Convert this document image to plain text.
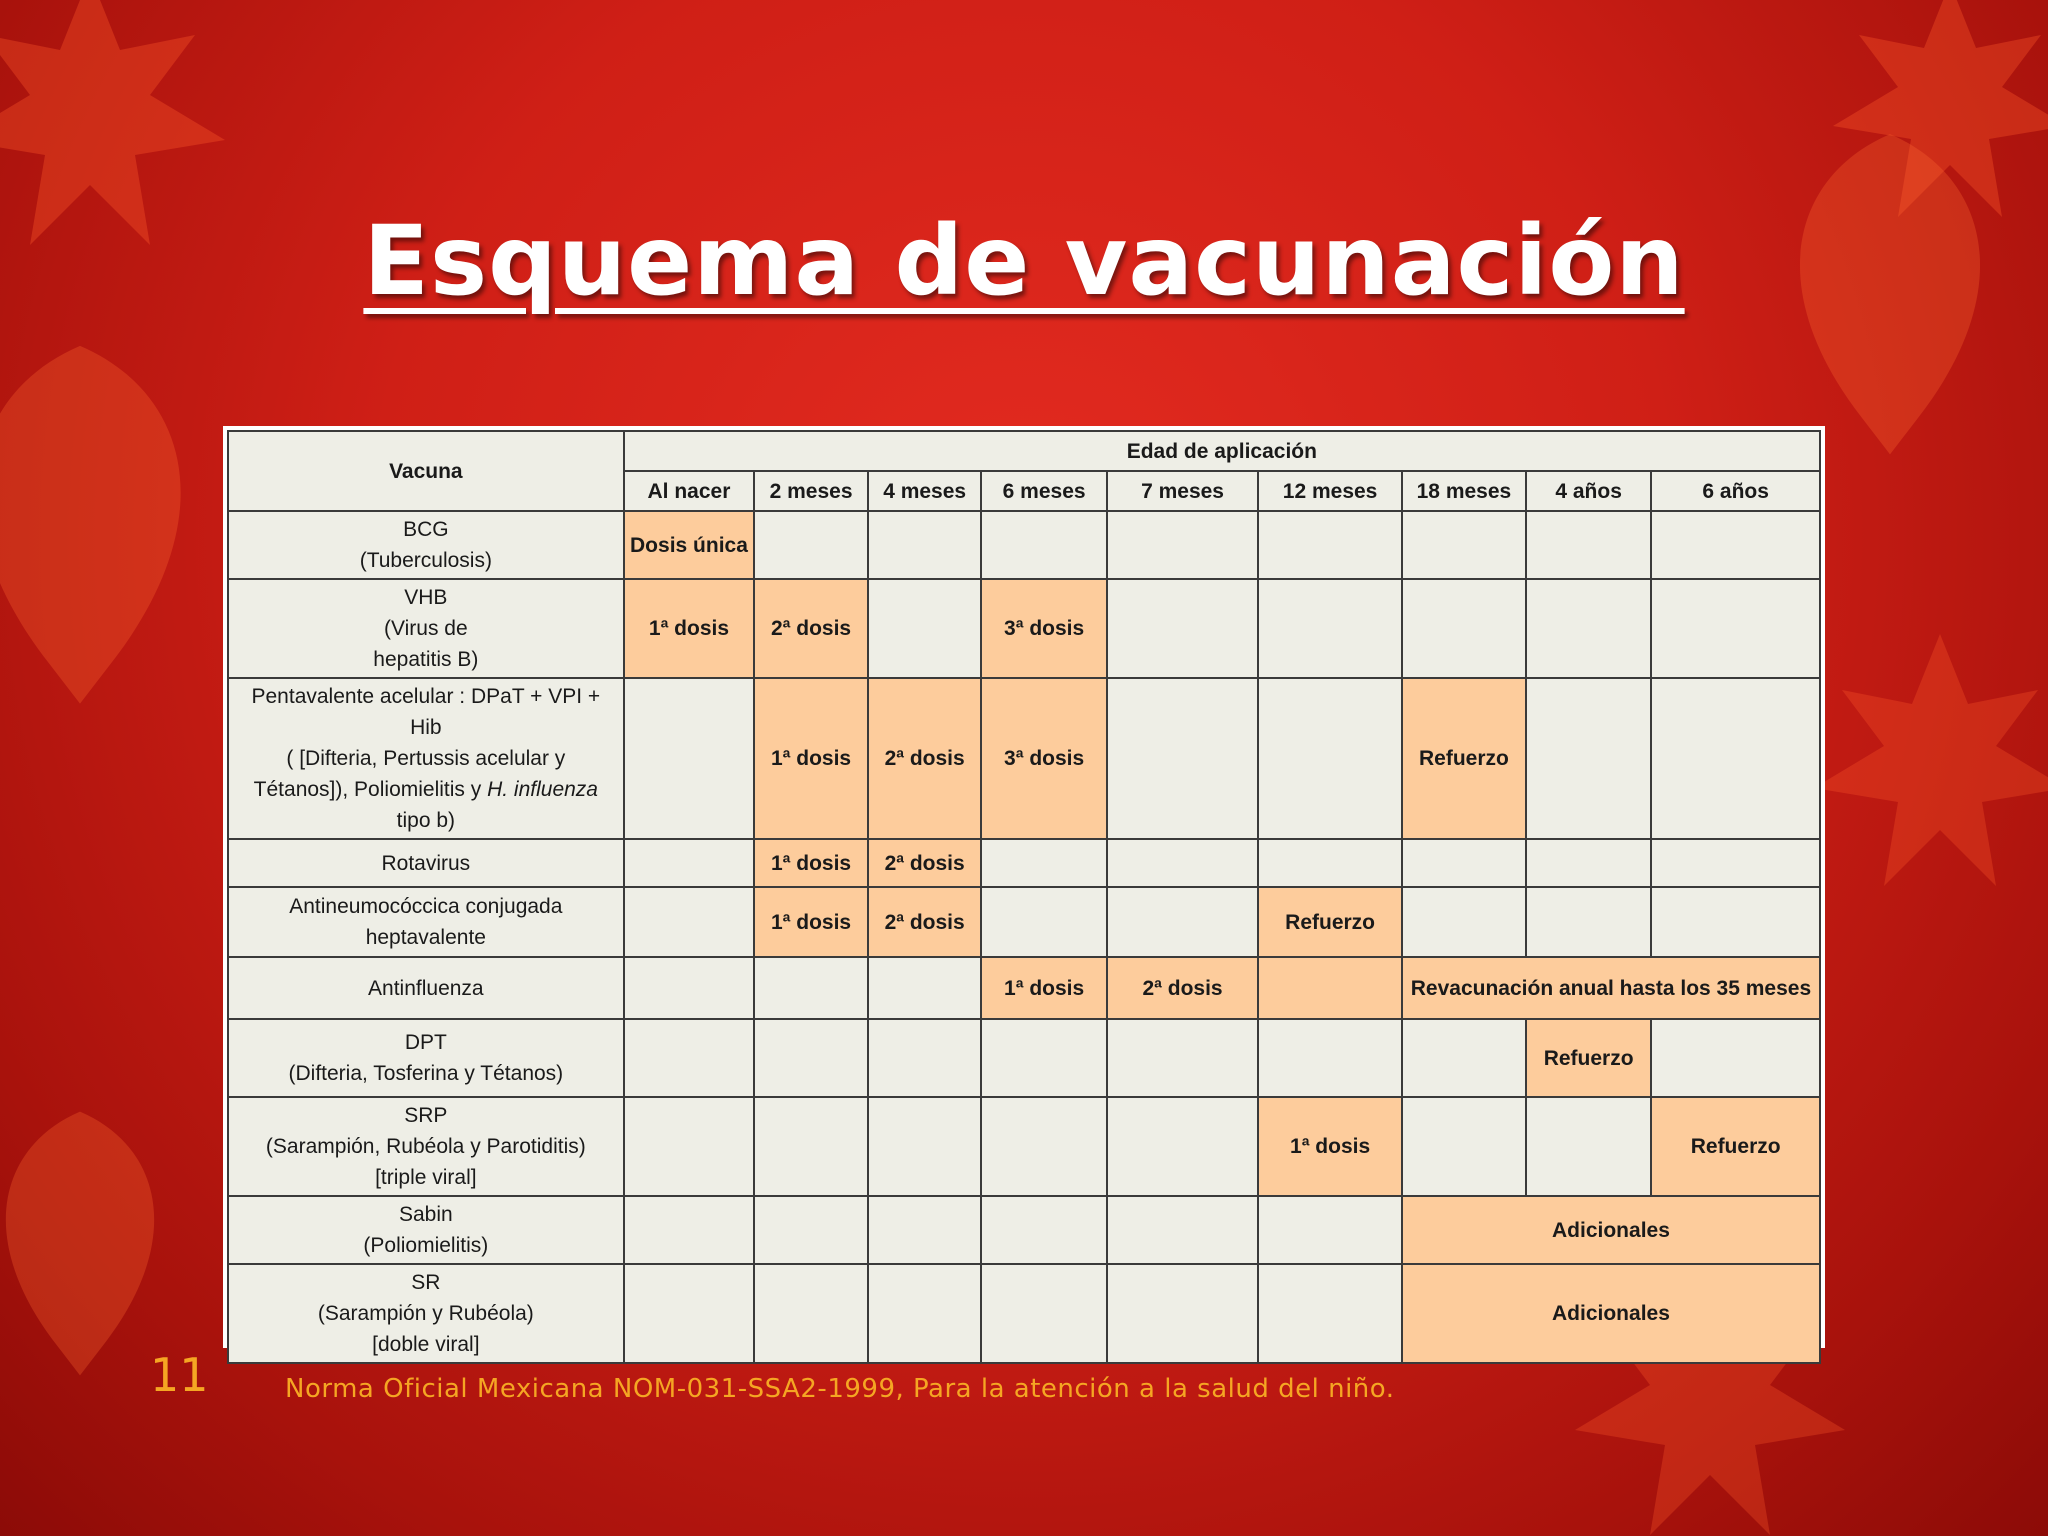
Esquema de vacunación
Vacuna	Edad de aplicación								
	Al nacer	2 meses	4 meses	6 meses	7 meses	12 meses	18 meses	4 años	6 años
BCG
(Tuberculosis)	Dosis única								
VHB
(Virus de
hepatitis B)	1ª dosis	2ª dosis		3ª dosis					
Pentavalente acelular : DPaT + VPI +
Hib
( [Difteria, Pertussis acelular y
Tétanos]), Poliomielitis y H. influenza
tipo b)		1ª dosis	2ª dosis	3ª dosis			Refuerzo		
Rotavirus		1ª dosis	2ª dosis						
Antineumocóccica conjugada
heptavalente		1ª dosis	2ª dosis			Refuerzo			
Antinfluenza				1ª dosis	2ª dosis		Revacunación anual hasta los 35 meses		
DPT
(Difteria, Tosferina y Tétanos)								Refuerzo	
SRP
(Sarampión, Rubéola y Parotiditis)
[triple viral]						1ª dosis			Refuerzo
Sabin
(Poliomielitis)							Adicionales		
SR
(Sarampión y Rubéola)
[doble viral]							Adicionales		
11	Norma Oficial Mexicana NOM-031-SSA2-1999, Para la atención a la salud del niño.
